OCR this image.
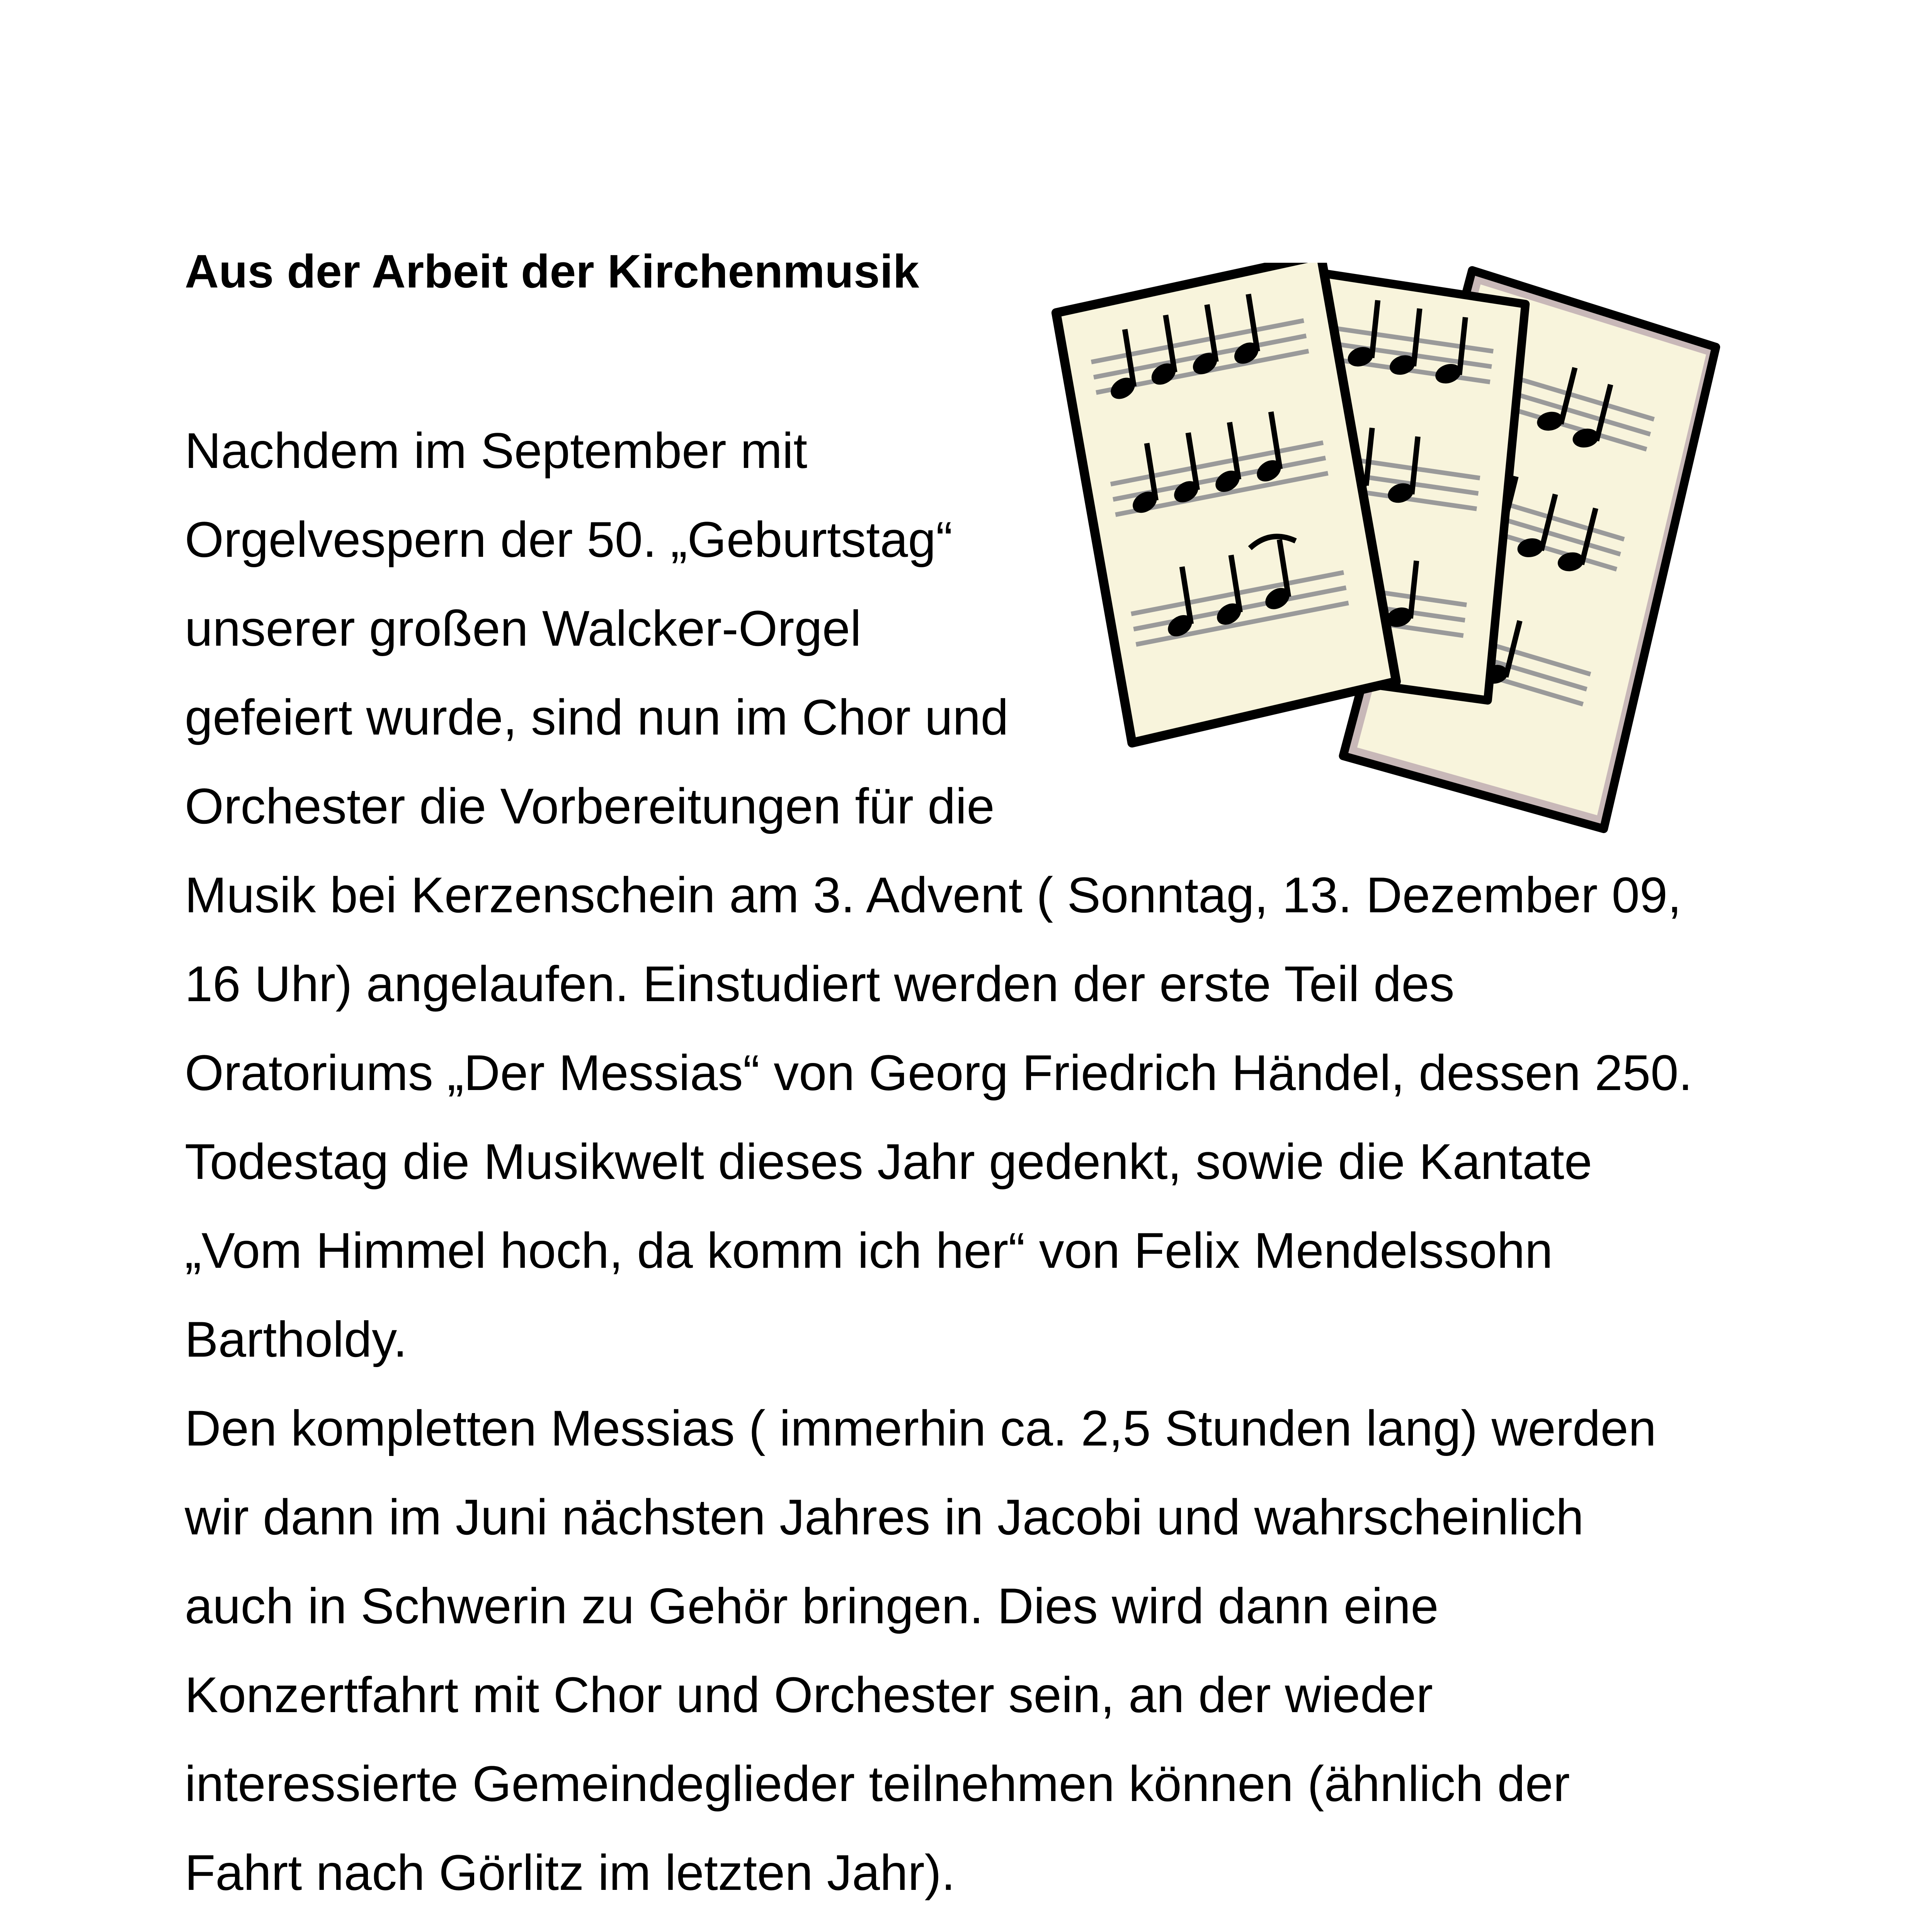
Aus der Arbeit der Kirchenmusik

Nachdem im September mit

Orgelvespern der 50. „Geburtstag“

unserer großen Walcker-Orgel

gefeiert wurde, sind nun im Chor und

Orchester die Vorbereitungen für die

Musik bei Kerzenschein am 3. Advent ( Sonntag, 13. Dezember 09,

16 Uhr) angelaufen. Einstudiert werden der erste Teil des

Oratoriums „Der Messias“ von Georg Friedrich Händel, dessen 250.

Todestag die Musikwelt dieses Jahr gedenkt, sowie die Kantate

„Vom Himmel hoch, da komm ich her“ von Felix Mendelssohn

Bartholdy.

Den kompletten Messias ( immerhin ca. 2,5 Stunden lang) werden

wir dann im Juni nächsten Jahres in Jacobi und wahrscheinlich

auch in Schwerin zu Gehör bringen. Dies wird dann eine

Konzertfahrt mit Chor und Orchester sein, an der wieder

interessierte Gemeindeglieder teilnehmen können (ähnlich der

Fahrt nach Görlitz im letzten Jahr).
